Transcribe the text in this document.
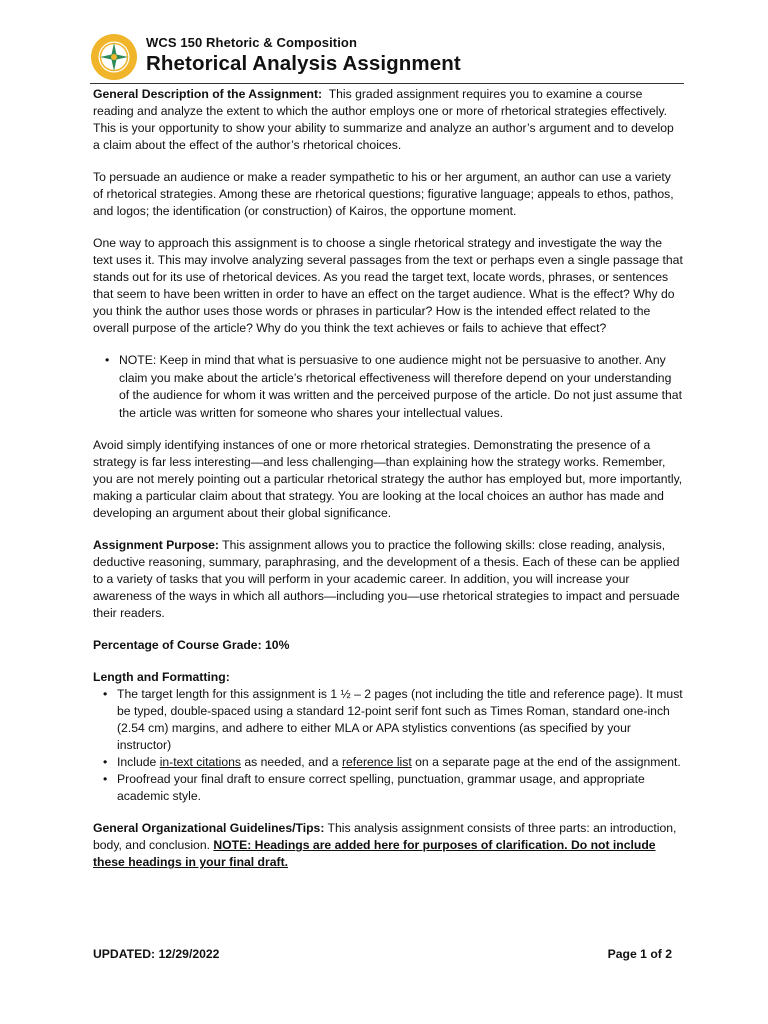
WCS 150 Rhetoric & Composition
Rhetorical Analysis Assignment

General Description of the Assignment: This graded assignment requires you to examine a course reading and analyze the extent to which the author employs one or more of rhetorical strategies effectively. This is your opportunity to show your ability to summarize and analyze an author’s argument and to develop a claim about the effect of the author’s rhetorical choices.

To persuade an audience or make a reader sympathetic to his or her argument, an author can use a variety of rhetorical strategies. Among these are rhetorical questions; figurative language; appeals to ethos, pathos, and logos; the identification (or construction) of Kairos, the opportune moment.

One way to approach this assignment is to choose a single rhetorical strategy and investigate the way the text uses it. This may involve analyzing several passages from the text or perhaps even a single passage that stands out for its use of rhetorical devices. As you read the target text, locate words, phrases, or sentences that seem to have been written in order to have an effect on the target audience. What is the effect? Why do you think the author uses those words or phrases in particular? How is the intended effect related to the overall purpose of the article? Why do you think the text achieves or fails to achieve that effect?

• NOTE: Keep in mind that what is persuasive to one audience might not be persuasive to another. Any claim you make about the article’s rhetorical effectiveness will therefore depend on your understanding of the audience for whom it was written and the perceived purpose of the article. Do not just assume that the article was written for someone who shares your intellectual values.

Avoid simply identifying instances of one or more rhetorical strategies. Demonstrating the presence of a strategy is far less interesting—and less challenging—than explaining how the strategy works. Remember, you are not merely pointing out a particular rhetorical strategy the author has employed but, more importantly, making a particular claim about that strategy. You are looking at the local choices an author has made and developing an argument about their global significance.

Assignment Purpose: This assignment allows you to practice the following skills: close reading, analysis, deductive reasoning, summary, paraphrasing, and the development of a thesis. Each of these can be applied to a variety of tasks that you will perform in your academic career. In addition, you will increase your awareness of the ways in which all authors—including you—use rhetorical strategies to impact and persuade their readers.

Percentage of Course Grade: 10%

Length and Formatting:

• The target length for this assignment is 1 ½ – 2 pages (not including the title and reference page). It must be typed, double-spaced using a standard 12-point serif font such as Times Roman, standard one-inch (2.54 cm) margins, and adhere to either MLA or APA stylistics conventions (as specified by your instructor)
• Include in-text citations as needed, and a reference list on a separate page at the end of the assignment.
• Proofread your final draft to ensure correct spelling, punctuation, grammar usage, and appropriate academic style.

General Organizational Guidelines/Tips: This analysis assignment consists of three parts: an introduction, body, and conclusion. NOTE: Headings are added here for purposes of clarification. Do not include these headings in your final draft.

UPDATED: 12/29/2022	Page 1 of 2
